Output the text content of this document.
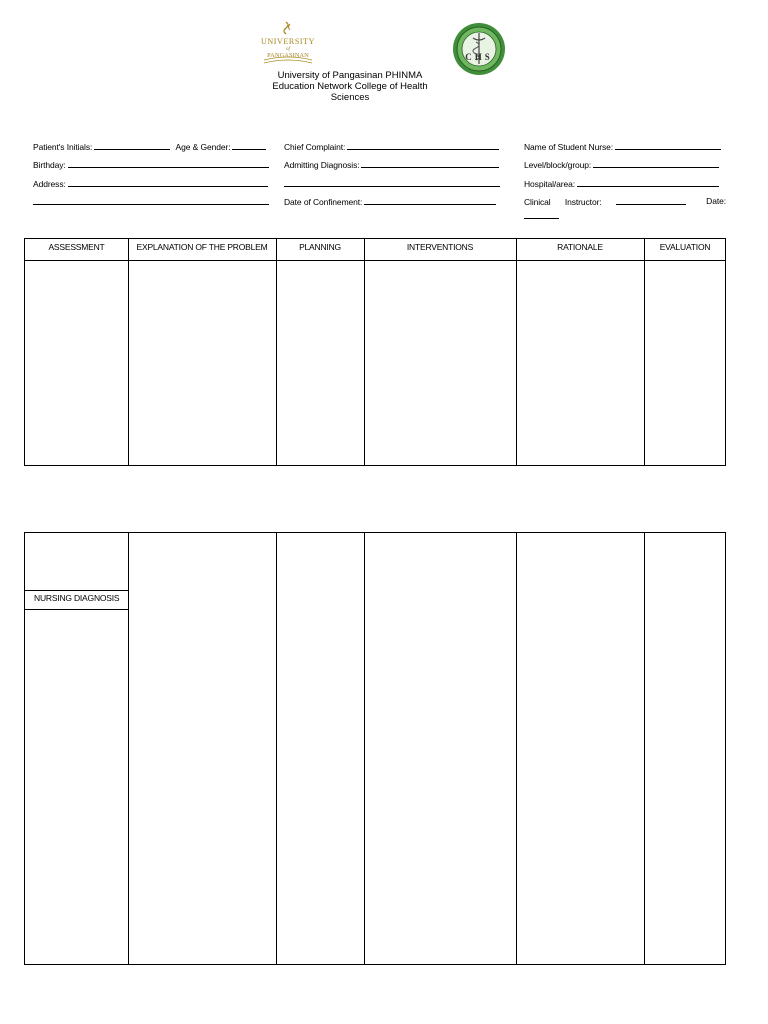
UNIVERSITY
of
PANGASINAN	CHS
University of Pangasinan PHINMA
Education Network College of Health
Sciences
Patient's Initials:	Age & Gender:
Birthday:
Address:
Chief Complaint:
Admitting Diagnosis:
Date of Confinement:
Name of Student Nurse:
Level/block/group:
Hospital/area:
Clinical Instructor:	Date:
ASSESSMENT	EXPLANATION OF THE PROBLEM	PLANNING	INTERVENTIONS	RATIONALE	EVALUATION
NURSING DIAGNOSIS
